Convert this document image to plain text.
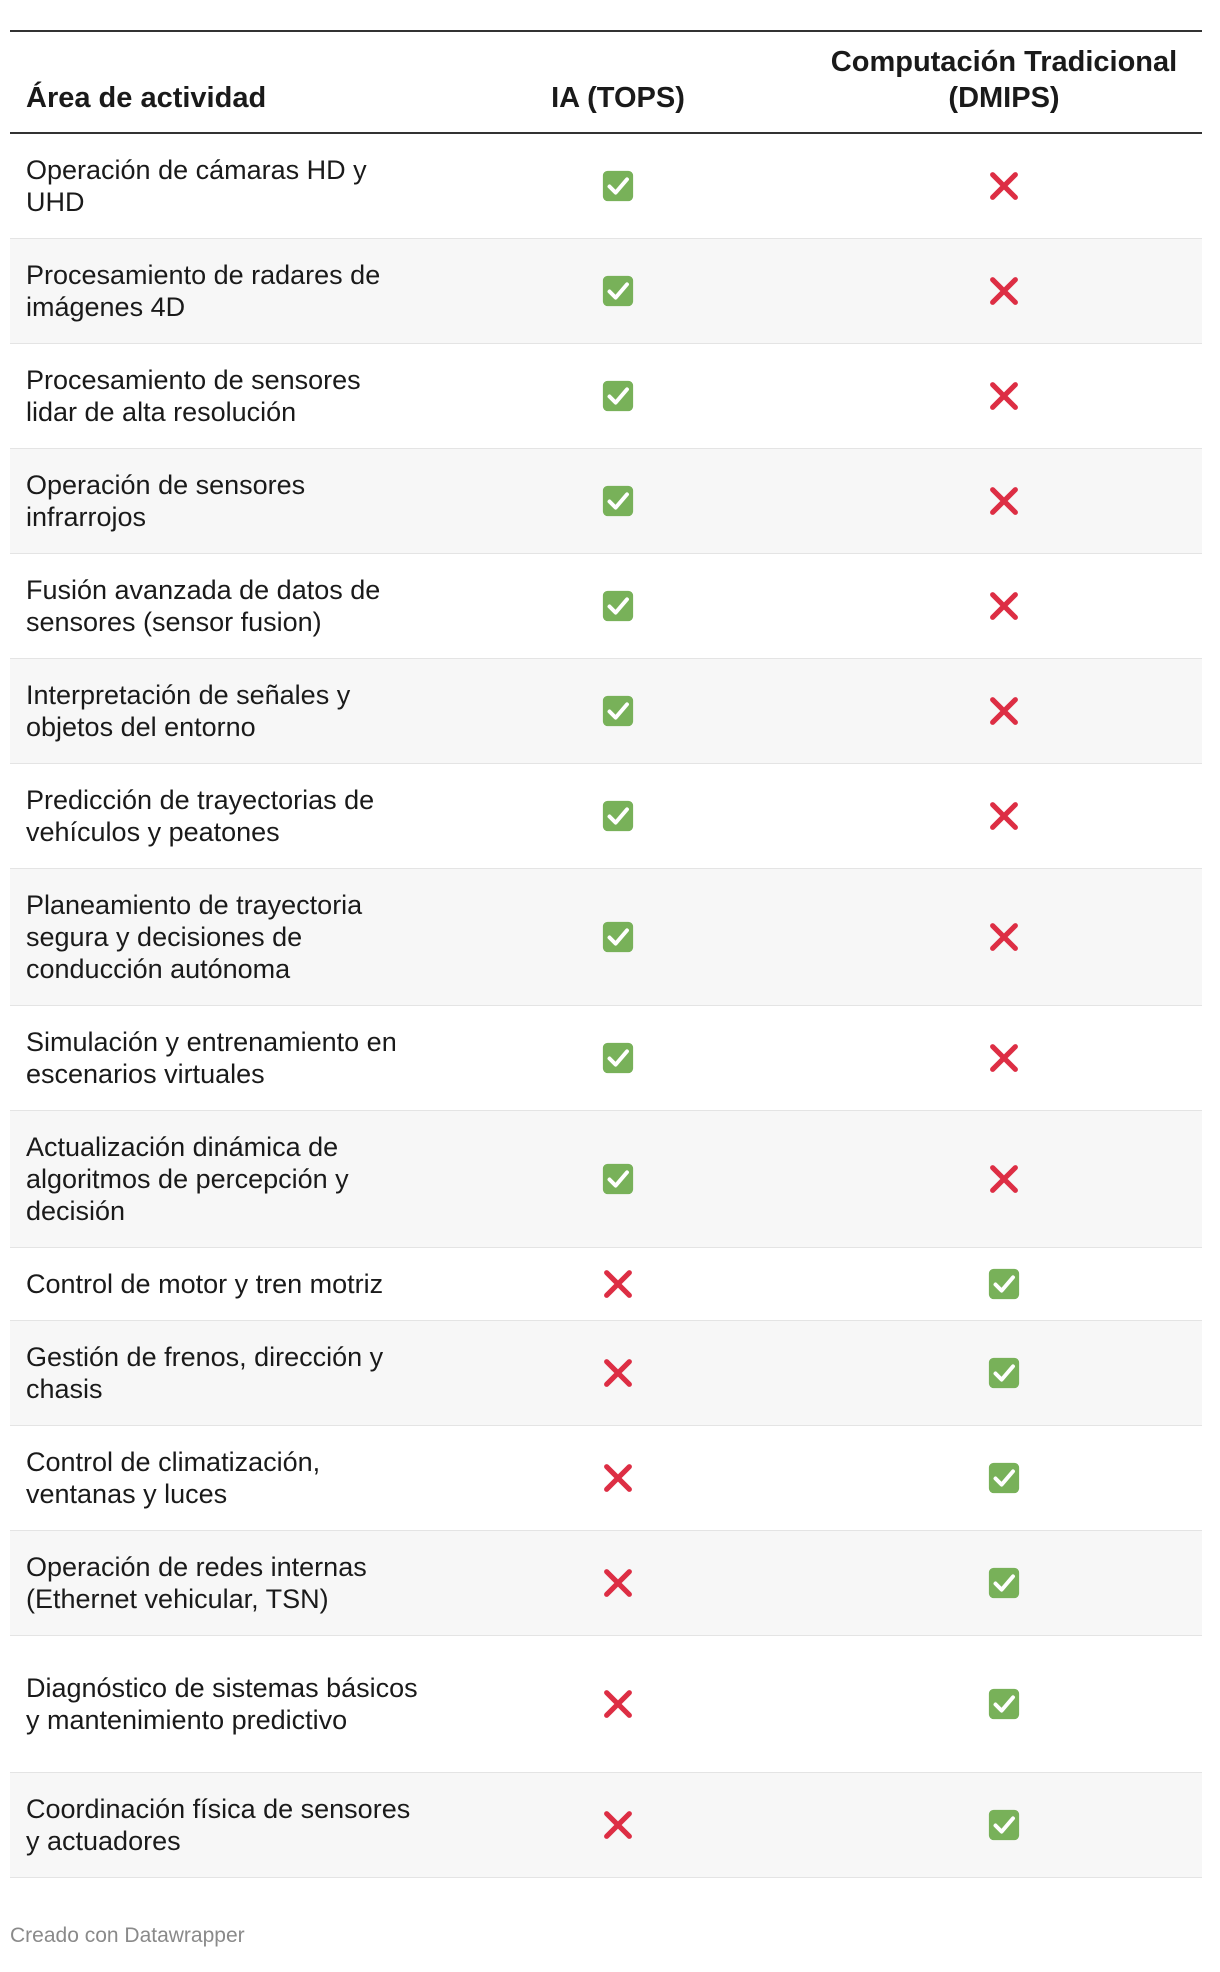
Área de actividad	IA (TOPS)
Computación Tradicional (DMIPS)
Operación de cámaras HD y UHD
Procesamiento de radares de imágenes 4D
Procesamiento de sensores lidar de alta resolución
Operación de sensores infrarrojos
Fusión avanzada de datos de sensores (sensor fusion)
Interpretación de señales y objetos del entorno
Predicción de trayectorias de vehículos y peatones
Planeamiento de trayectoria segura y decisiones de conducción autónoma
Simulación y entrenamiento en escenarios virtuales
Actualización dinámica de algoritmos de percepción y decisión
Control de motor y tren motriz
Gestión de frenos, dirección y chasis
Control de climatización, ventanas y luces
Operación de redes internas (Ethernet vehicular, TSN)
Diagnóstico de sistemas básicos y mantenimiento predictivo
Coordinación física de sensores y actuadores
Creado con Datawrapper
